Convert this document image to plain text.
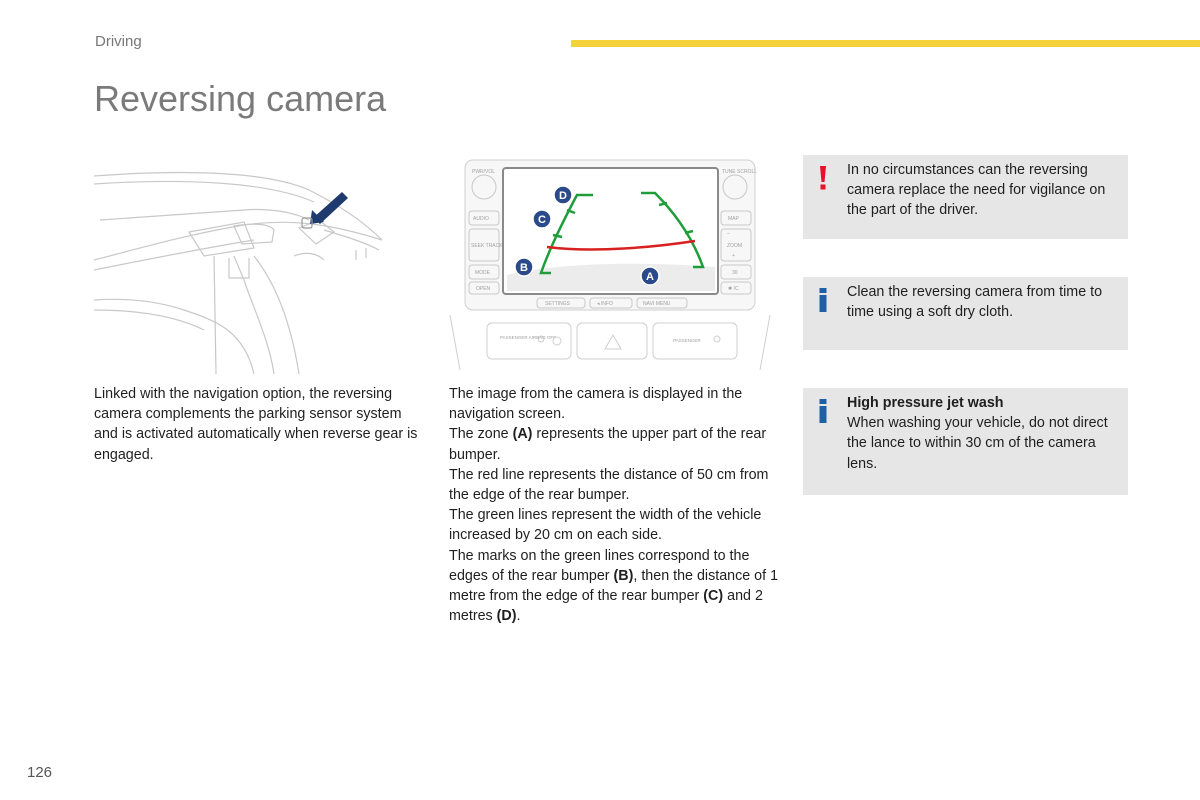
Driving
Reversing camera
PWR/VOL
AUDIO
SEEK TRACK
MODE
OPEN
TUNE SCROLL
MAP
−
ZOOM
+
30
✱ /C
SETTINGS	◂ INFO	NAVI MENU
D
C
B
A
PASSENGER AIRBAG OFF
PASSENGER

Linked with the navigation option, the reversing camera complements the parking sensor system and is activated automatically when reverse gear is engaged.

The image from the camera is displayed in the navigation screen.

The zone (A) represents the upper part of the rear bumper.

The red line represents the distance of 50 cm from the edge of the rear bumper.

The green lines represent the width of the vehicle increased by 20 cm on each side.

The marks on the green lines correspond to the edges of the rear bumper (B), then the distance of 1 metre from the edge of the rear bumper (C) and 2 metres (D).

In no circumstances can the reversing camera replace the need for vigilance on the part of the driver.

Clean the reversing camera from time to time using a soft dry cloth.

High pressure jet wash

When washing your vehicle, do not direct the lance to within 30 cm of the camera lens.

126
